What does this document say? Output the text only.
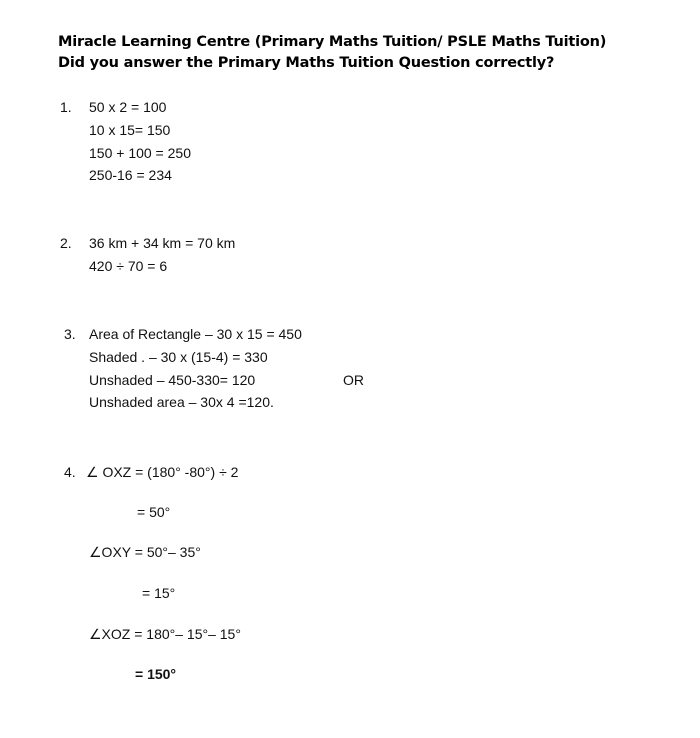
Miracle Learning Centre (Primary Maths Tuition/ PSLE Maths Tuition)
Did you answer the Primary Maths Tuition Question correctly?
1. 50 x 2 = 100
10 x 15= 150
150 + 100 = 250
250-16 = 234
2. 36 km + 34 km = 70 km
420 ÷ 70 = 6
3. Area of Rectangle – 30 x 15 = 450
Shaded . – 30 x (15-4) = 330
Unshaded – 450-330= 120	OR
Unshaded area – 30x 4 =120.
4. ∠ OXZ = (180° -80°) ÷ 2
= 50°
∠OXY = 50°– 35°
= 15°
∠XOZ = 180°– 15°– 15°
= 150°
